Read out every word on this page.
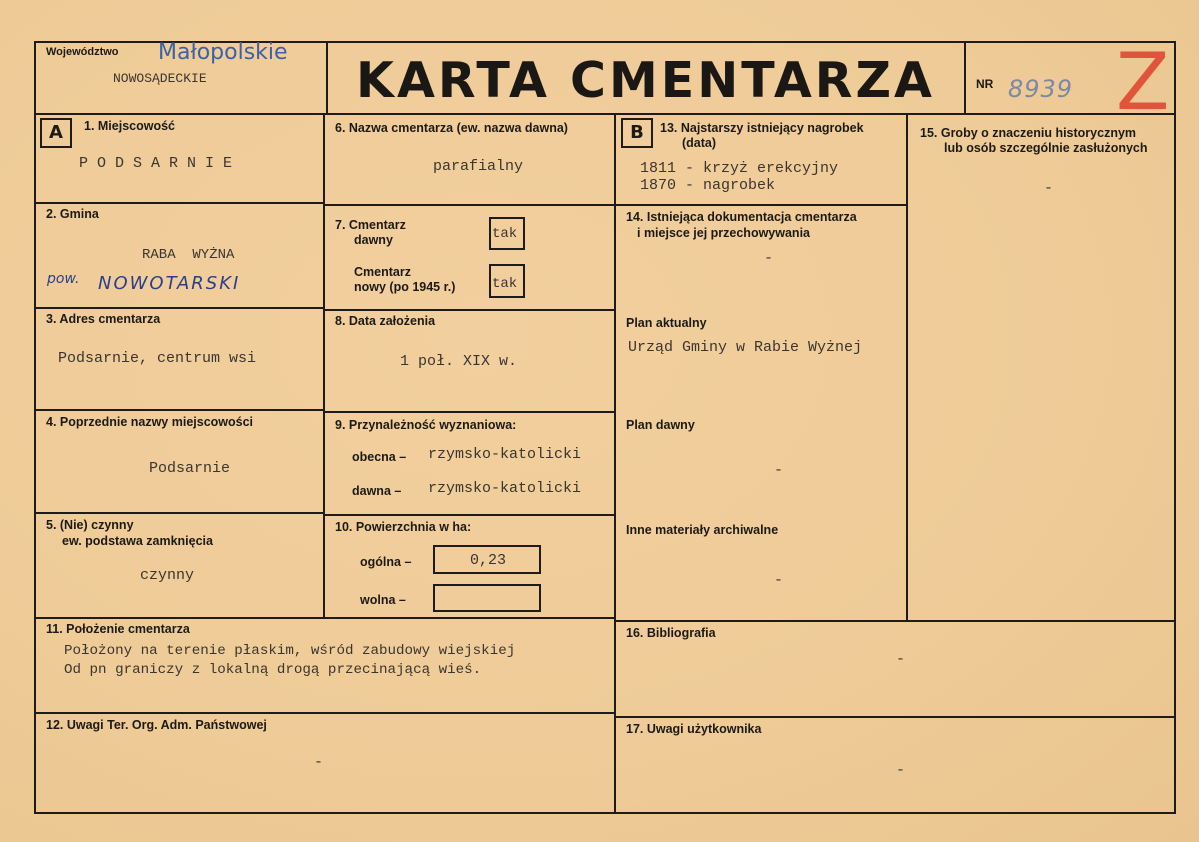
Województwo Małopolskie
NOWOSĄDECKIE	KARTA CMENTARZA	NR 8939 Z
A	B
1. Miejscowość
P O D S A R N I E
2. Gmina
RABA  WYŻNA
pow. NOWOTARSKI
3. Adres cmentarza
Podsarnie, centrum wsi
4. Poprzednie nazwy miejscowości
Podsarnie
5. (Nie) czynny
ew. podstawa zamknięcia
czynny
6. Nazwa cmentarza (ew. nazwa dawna)
parafialny
7. Cmentarz
dawny	tak
Cmentarz
nowy (po 1945 r.)	tak
8. Data założenia
1 poł. XIX w.
9. Przynależność wyznaniowa:
obecna – rzymsko-katolicki
dawna – rzymsko-katolicki
10. Powierzchnia w ha:
ogólna –	0,23
wolna –
11. Położenie cmentarza
Położony na terenie płaskim, wśród zabudowy wiejskiej
Od pn graniczy z lokalną drogą przecinającą wieś.
12. Uwagi Ter. Org. Adm. Państwowej
-
13. Najstarszy istniejący nagrobek
(data)
1811 - krzyż erekcyjny
1870 - nagrobek
14. Istniejąca dokumentacja cmentarza
i miejsce jej przechowywania
-
Plan aktualny
Urząd Gminy w Rabie Wyżnej
Plan dawny
-
Inne materiały archiwalne
-
15. Groby o znaczeniu historycznym
lub osób szczególnie zasłużonych
-
16. Bibliografia
-
17. Uwagi użytkownika
-
